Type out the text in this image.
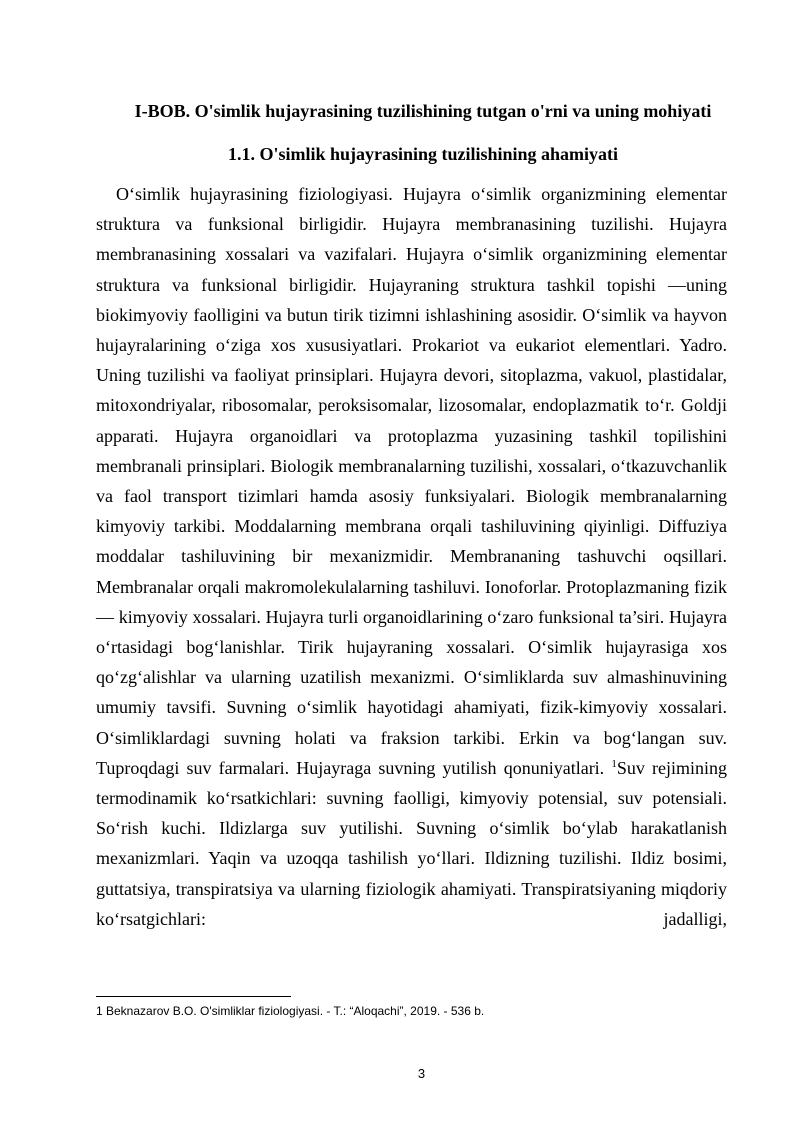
I-BOB. O'simlik hujayrasining tuzilishining tutgan o'rni va uning mohiyati
1.1. O'simlik hujayrasining tuzilishining ahamiyati

O‘simlik hujayrasining fiziologiyasi. Hujayra o‘simlik organizmining elementar struktura va funksional birligidir. Hujayra membranasining tuzilishi. Hujayra membranasining xossalari va vazifalari. Hujayra o‘simlik organizmining elementar struktura va funksional birligidir. Hujayraning struktura tashkil topishi —uning biokimyoviy faolligini va butun tirik tizimni ishlashining asosidir. O‘simlik va hayvon hujayralarining o‘ziga xos xususiyatlari. Prokariot va eukariot elementlari. Yadro. Uning tuzilishi va faoliyat prinsiplari. Hujayra devori, sitoplazma, vakuol, plastidalar, mitoxondriyalar, ribosomalar, peroksisomalar, lizosomalar, endoplazmatik to‘r. Goldji apparati. Hujayra organoidlari va protoplazma yuzasining tashkil topilishini membranali prinsiplari. Biologik membranalarning tuzilishi, xossalari, o‘tkazuvchanlik va faol transport tizimlari hamda asosiy funksiyalari. Biologik membranalarning kimyoviy tarkibi. Moddalarning membrana orqali tashiluvining qiyinligi. Diffuziya moddalar tashiluvining bir mexanizmidir. Membrananing tashuvchi oqsillari. Membranalar orqali makromolekulalarning tashiluvi. Ionoforlar. Protoplazmaning fizik— kimyoviy xossalari. Hujayra turli organoidlarining o‘zaro funksional ta’siri. Hujayra o‘rtasidagi bog‘lanishlar. Tirik hujayraning xossalari. O‘simlik hujayrasiga xos qo‘zg‘alishlar va ularning uzatilish mexanizmi. O‘simliklarda suv almashinuvining umumiy tavsifi. Suvning o‘simlik hayotidagi ahamiyati, fizik-kimyoviy xossalari. O‘simliklardagi suvning holati va fraksion tarkibi. Erkin va bog‘langan suv. Tuproqdagi suv farmalari. Hujayraga suvning yutilish qonuniyatlari. $^1$Suv rejimining termodinamik ko‘rsatkichlari: suvning faolligi, kimyoviy potensial, suv potensiali. So‘rish kuchi. Ildizlarga suv yutilishi. Suvning o‘simlik bo‘ylab harakatlanish mexanizmlari. Yaqin va uzoqqa tashilish yo‘llari. Ildizning tuzilishi. Ildiz bosimi, guttatsiya, transpiratsiya va ularning fiziologik ahamiyati. Transpiratsiyaning miqdoriy ko‘rsatgichlari: jadalligi,

1 Beknazarov B.O. O'simliklar fiziologiyasi. - T.: “Aloqachi”, 2019. - 536 b.

3
